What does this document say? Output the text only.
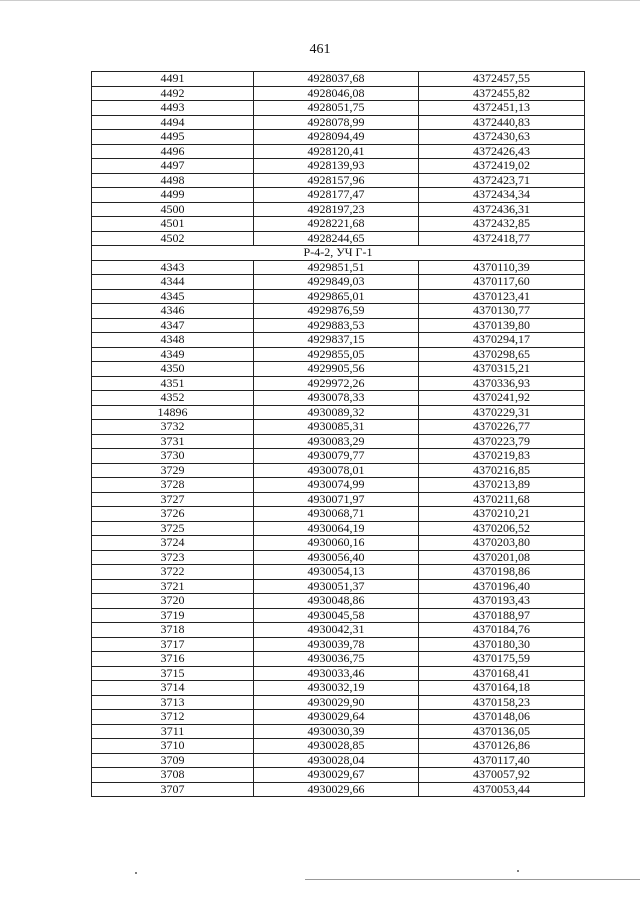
461
4491	4928037,68	4372457,55
4492	4928046,08	4372455,82
4493	4928051,75	4372451,13
4494	4928078,99	4372440,83
4495	4928094,49	4372430,63
4496	4928120,41	4372426,43
4497	4928139,93	4372419,02
4498	4928157,96	4372423,71
4499	4928177,47	4372434,34
4500	4928197,23	4372436,31
4501	4928221,68	4372432,85
4502	4928244,65	4372418,77
Р-4-2, УЧ Г-1		
4343	4929851,51	4370110,39
4344	4929849,03	4370117,60
4345	4929865,01	4370123,41
4346	4929876,59	4370130,77
4347	4929883,53	4370139,80
4348	4929837,15	4370294,17
4349	4929855,05	4370298,65
4350	4929905,56	4370315,21
4351	4929972,26	4370336,93
4352	4930078,33	4370241,92
14896	4930089,32	4370229,31
3732	4930085,31	4370226,77
3731	4930083,29	4370223,79
3730	4930079,77	4370219,83
3729	4930078,01	4370216,85
3728	4930074,99	4370213,89
3727	4930071,97	4370211,68
3726	4930068,71	4370210,21
3725	4930064,19	4370206,52
3724	4930060,16	4370203,80
3723	4930056,40	4370201,08
3722	4930054,13	4370198,86
3721	4930051,37	4370196,40
3720	4930048,86	4370193,43
3719	4930045,58	4370188,97
3718	4930042,31	4370184,76
3717	4930039,78	4370180,30
3716	4930036,75	4370175,59
3715	4930033,46	4370168,41
3714	4930032,19	4370164,18
3713	4930029,90	4370158,23
3712	4930029,64	4370148,06
3711	4930030,39	4370136,05
3710	4930028,85	4370126,86
3709	4930028,04	4370117,40
3708	4930029,67	4370057,92
3707	4930029,66	4370053,44
